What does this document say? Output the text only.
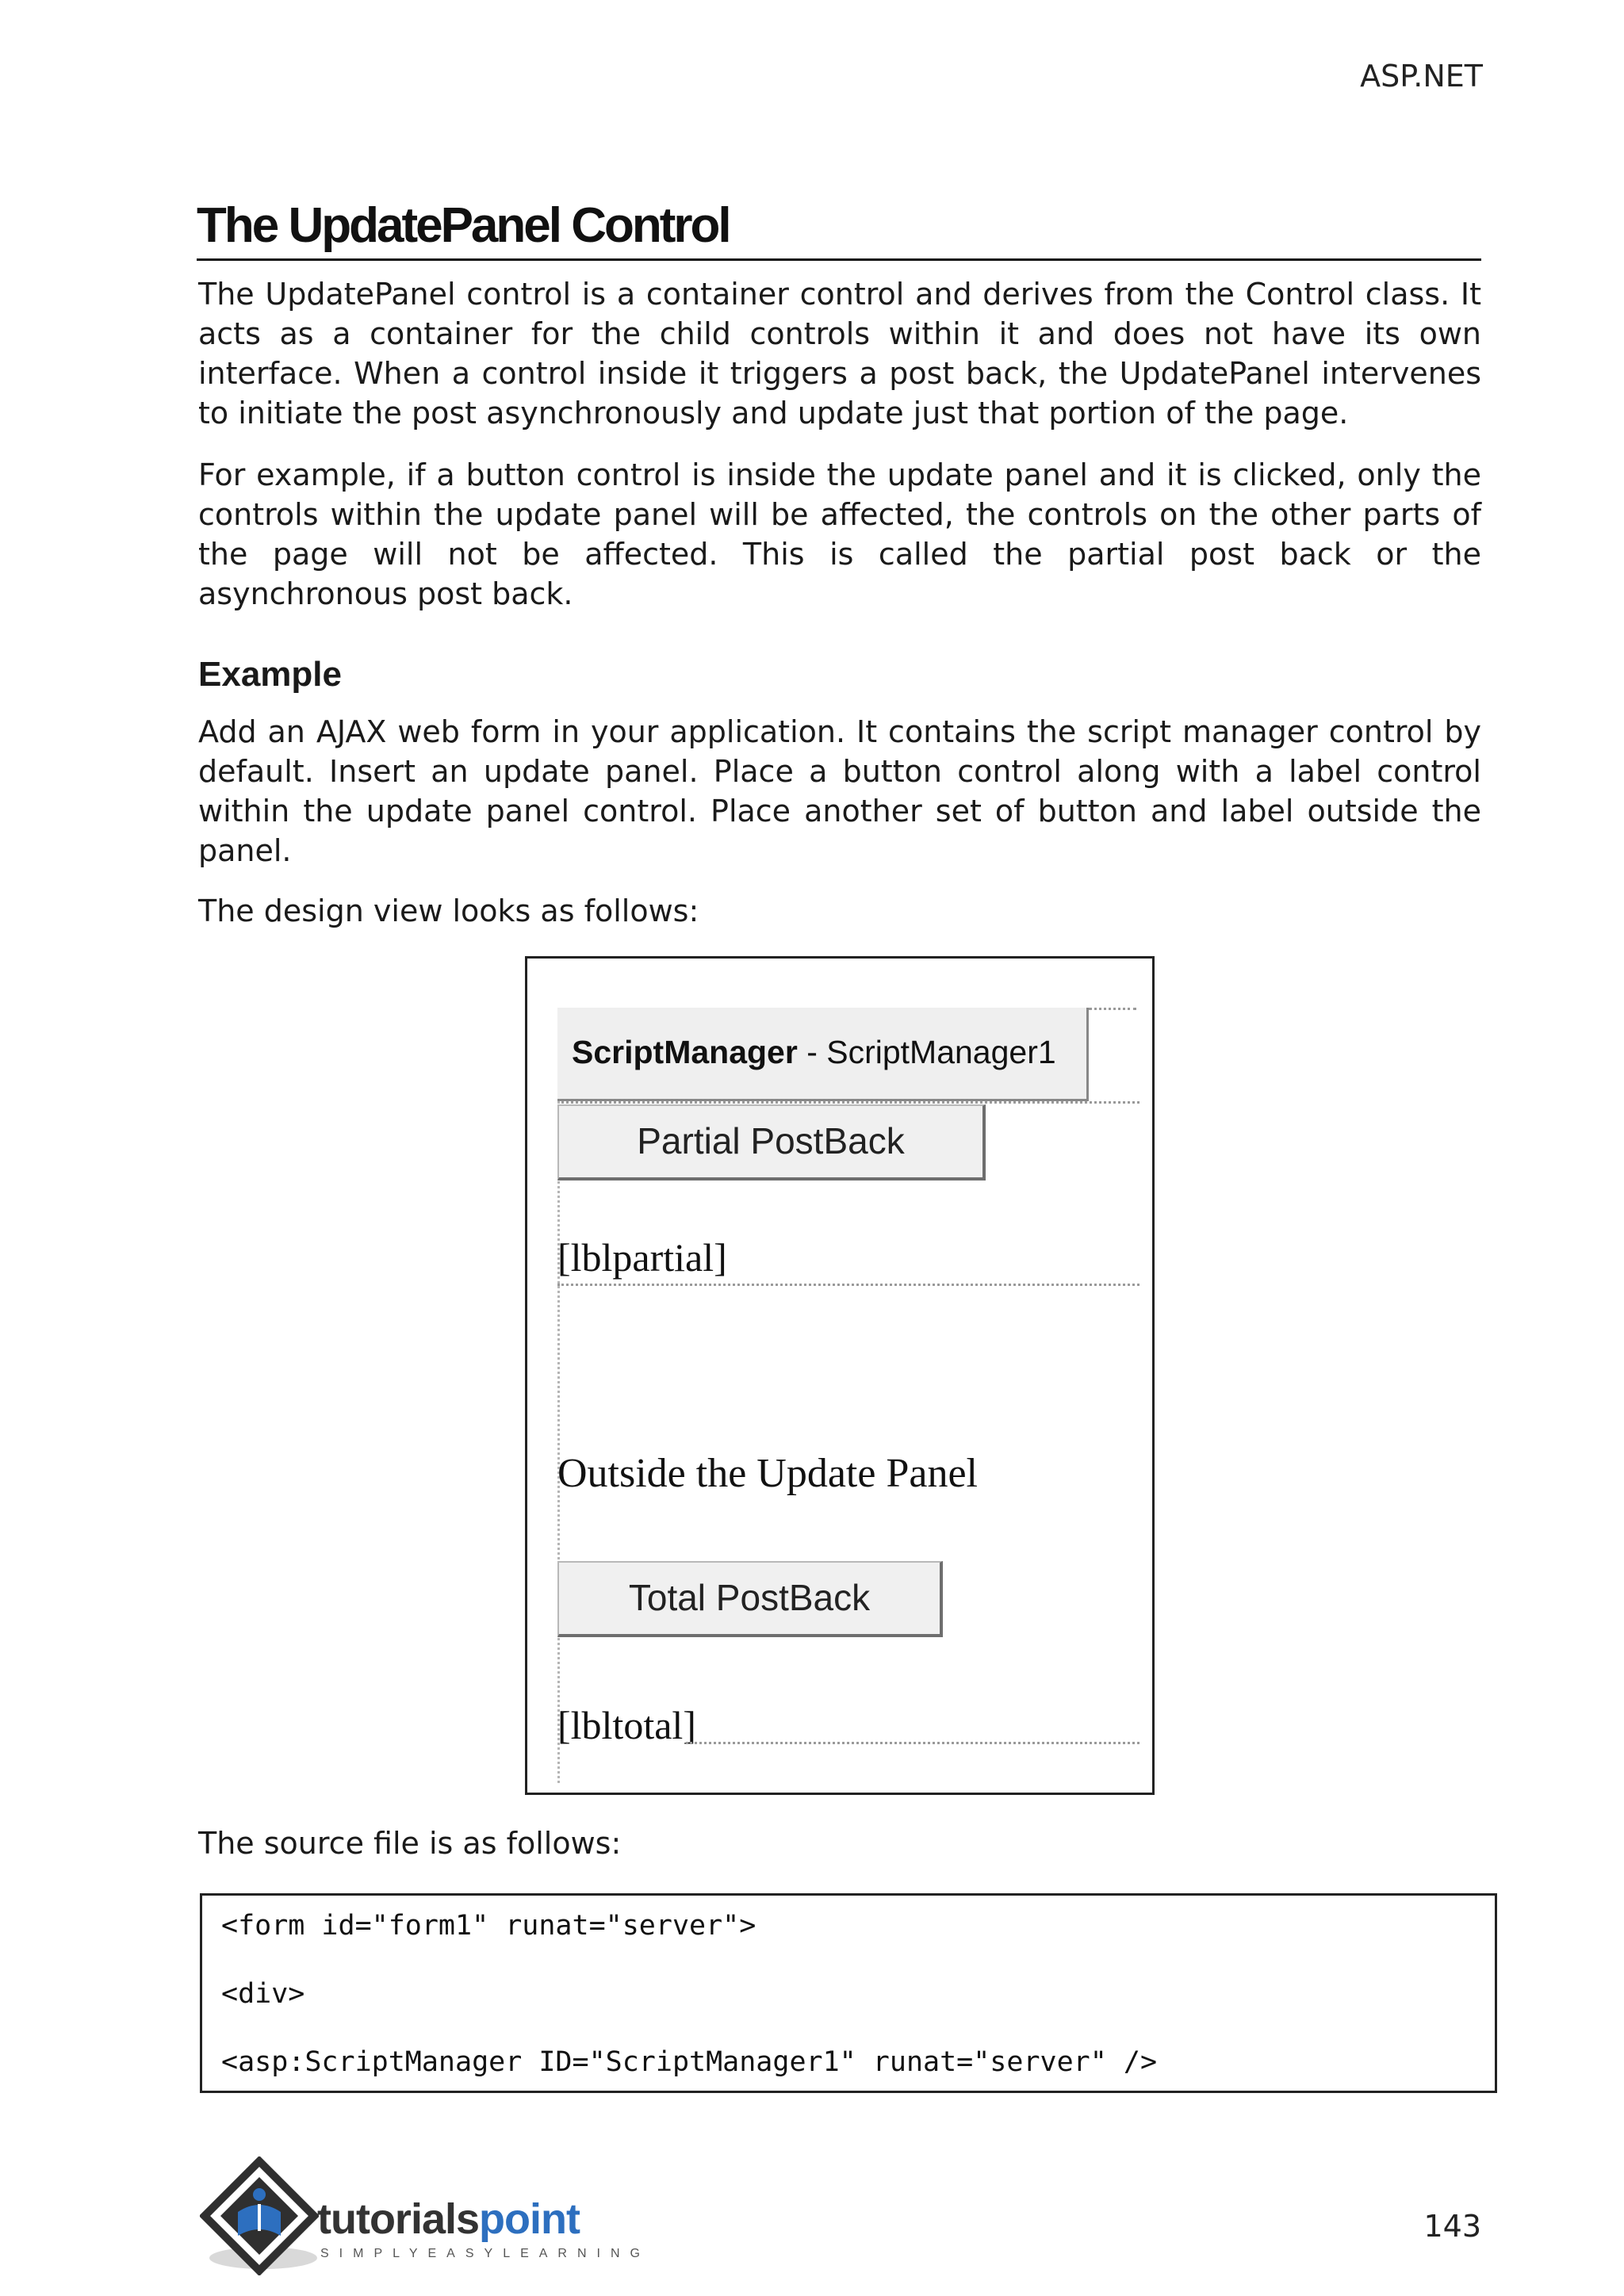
ASP.NET
The UpdatePanel Control

The UpdatePanel control is a container control and derives from the Control class. It acts as a container for the child controls within it and does not have its own interface. When a control inside it triggers a post back, the UpdatePanel intervenes to initiate the post asynchronously and update just that portion of the page.

For example, if a button control is inside the update panel and it is clicked, only the controls within the update panel will be affected, the controls on the other parts of the page will not be affected. This is called the partial post back or the asynchronous post back.

Example

Add an AJAX web form in your application. It contains the script manager control by default. Insert an update panel. Place a button control along with a label control within the update panel control. Place another set of button and label outside the panel.

The design view looks as follows:

ScriptManager - ScriptManager1
Partial PostBack
[lblpartial]
Outside the Update Panel
Total PostBack
[lbltotal]

The source file is as follows:

<form id="form1" runat="server">
<div>
<asp:ScriptManager ID="ScriptManager1" runat="server" />
tutorialspoint
SIMPLYEASYLEARNING
143
